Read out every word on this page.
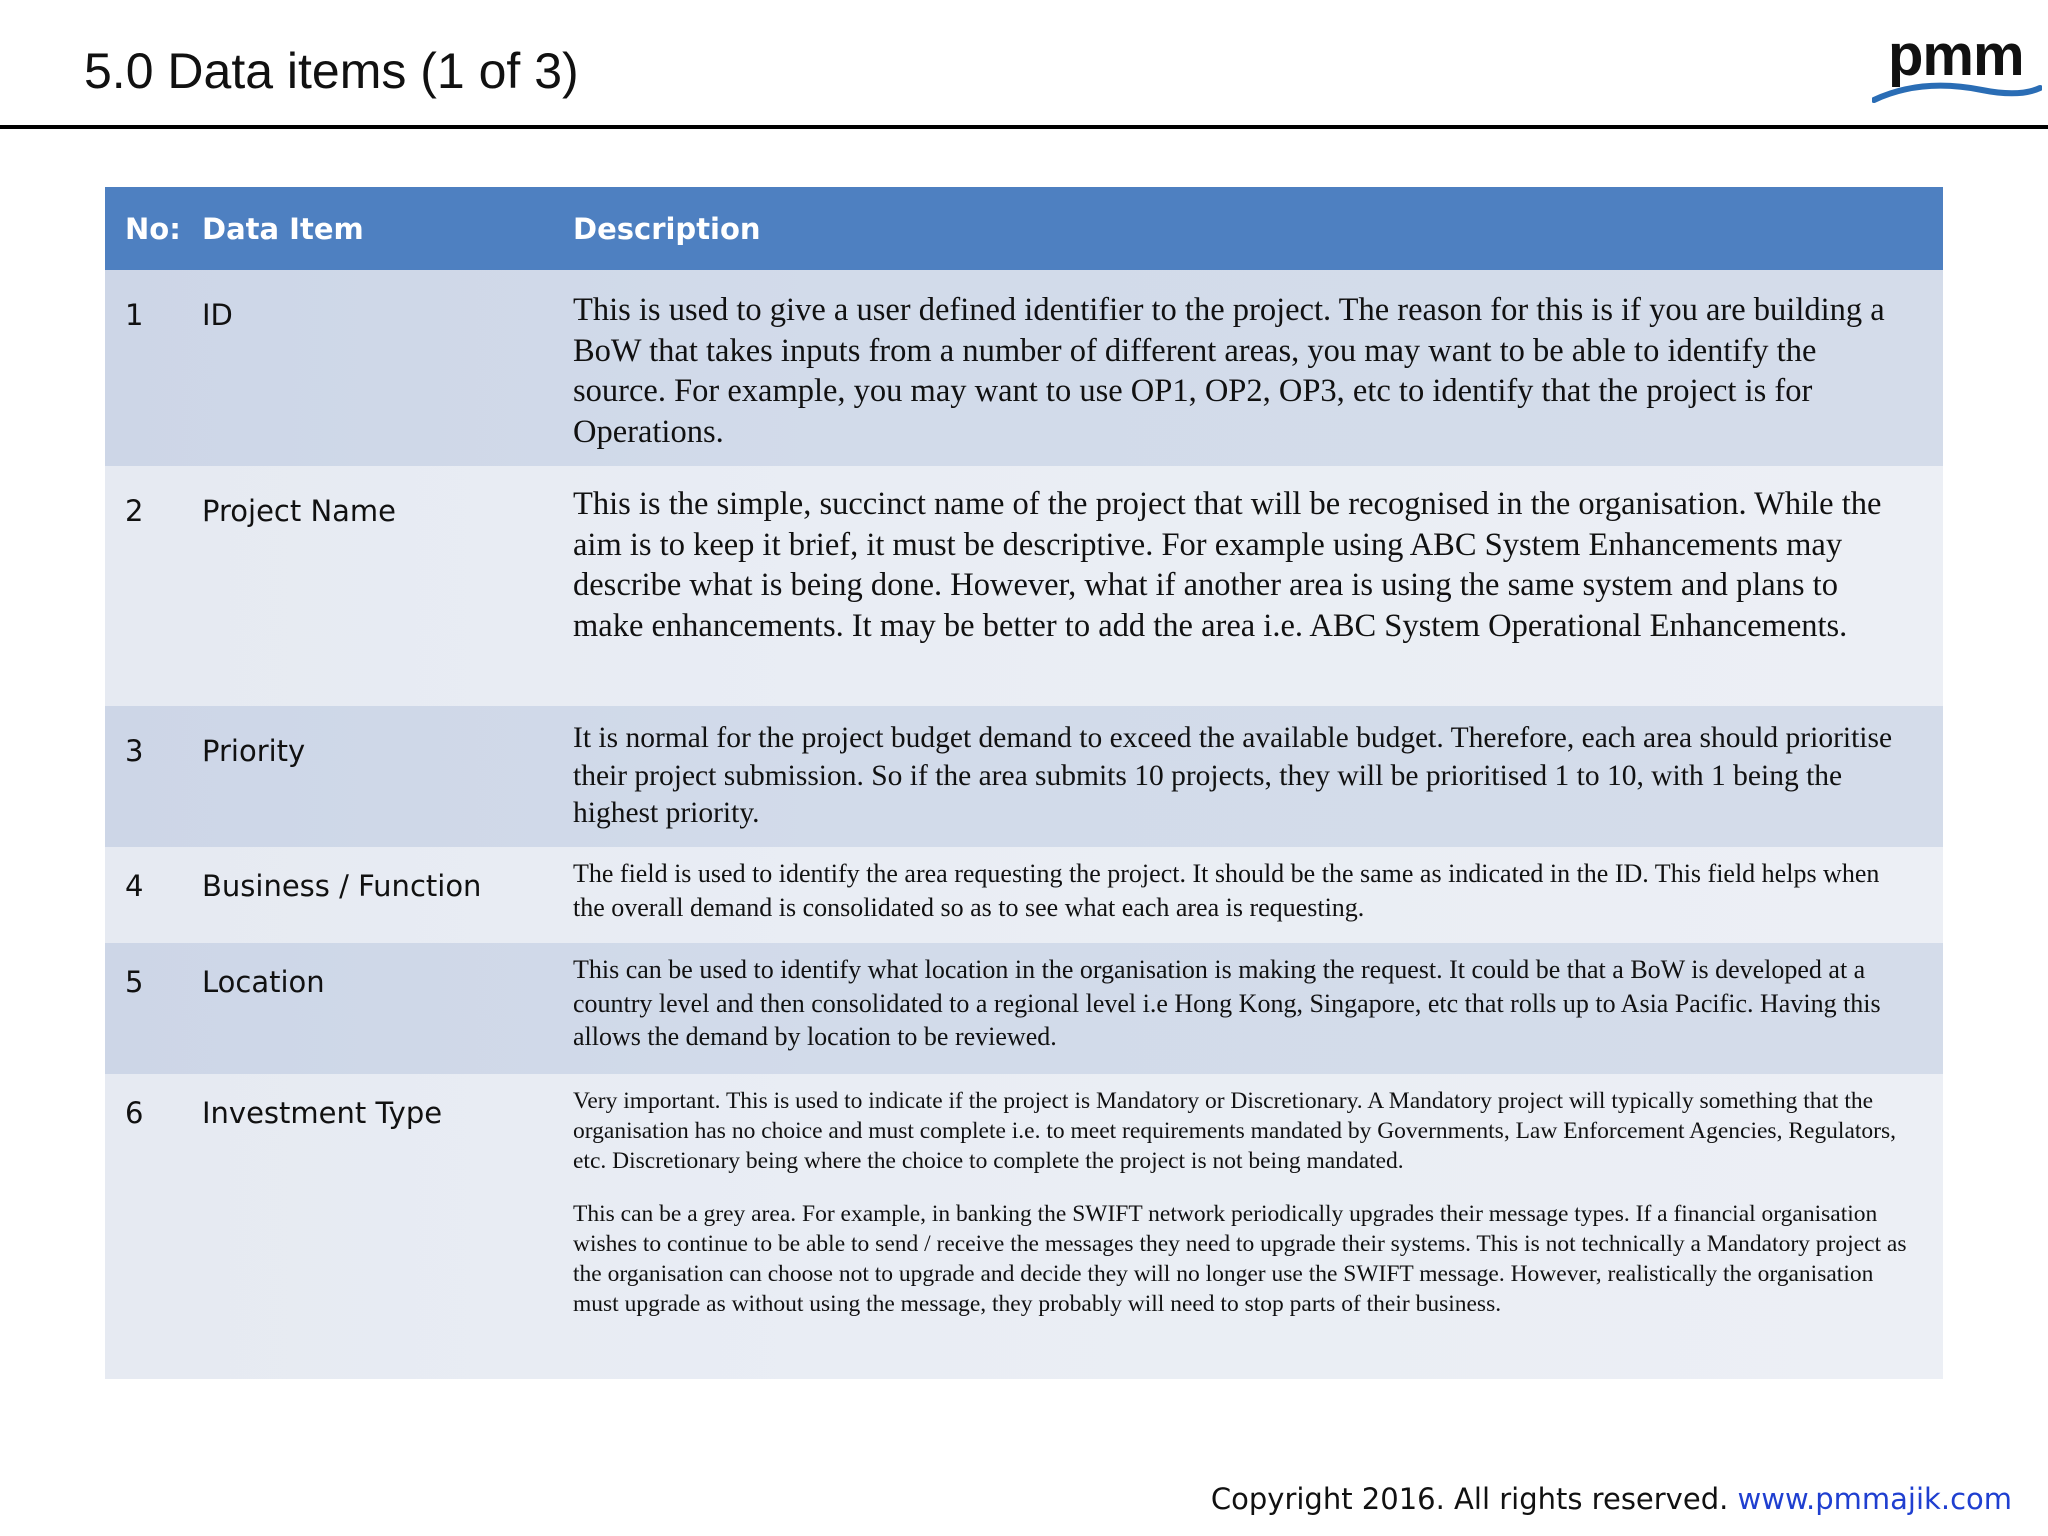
5.0 Data items (1 of 3)	pmm
No: Data Item	Description
1	ID	This is used to give a user defined identifier to the project. The reason for this is if you are building a BoW that takes inputs from a number of different areas, you may want to be able to identify the source. For example, you may want to use OP1, OP2, OP3, etc to identify that the project is for Operations.

2	Project Name	This is the simple, succinct name of the project that will be recognised in the organisation. While the aim is to keep it brief, it must be descriptive. For example using ABC System Enhancements may describe what is being done. However, what if another area is using the same system and plans to make enhancements. It may be better to add the area i.e. ABC System Operational Enhancements.

3	Priority	It is normal for the project budget demand to exceed the available budget. Therefore, each area should prioritise their project submission. So if the area submits 10 projects, they will be prioritised 1 to 10, with 1 being the highest priority.

4	Business / Function	The field is used to identify the area requesting the project. It should be the same as indicated in the ID. This field helps when the overall demand is consolidated so as to see what each area is requesting.

5	Location	This can be used to identify what location in the organisation is making the request. It could be that a BoW is developed at a country level and then consolidated to a regional level i.e Hong Kong, Singapore, etc that rolls up to Asia Pacific. Having this allows the demand by location to be reviewed.

6	Investment Type	Very important. This is used to indicate if the project is Mandatory or Discretionary. A Mandatory project will typically something that the organisation has no choice and must complete i.e. to meet requirements mandated by Governments, Law Enforcement Agencies, Regulators, etc. Discretionary being where the choice to complete the project is not being mandated.

This can be a grey area. For example, in banking the SWIFT network periodically upgrades their message types. If a financial organisation wishes to continue to be able to send / receive the messages they need to upgrade their systems. This is not technically a Mandatory project as the organisation can choose not to upgrade and decide they will no longer use the SWIFT message. However, realistically the organisation must upgrade as without using the message, they probably will need to stop parts of their business.

Copyright 2016. All rights reserved. www.pmmajik.com
